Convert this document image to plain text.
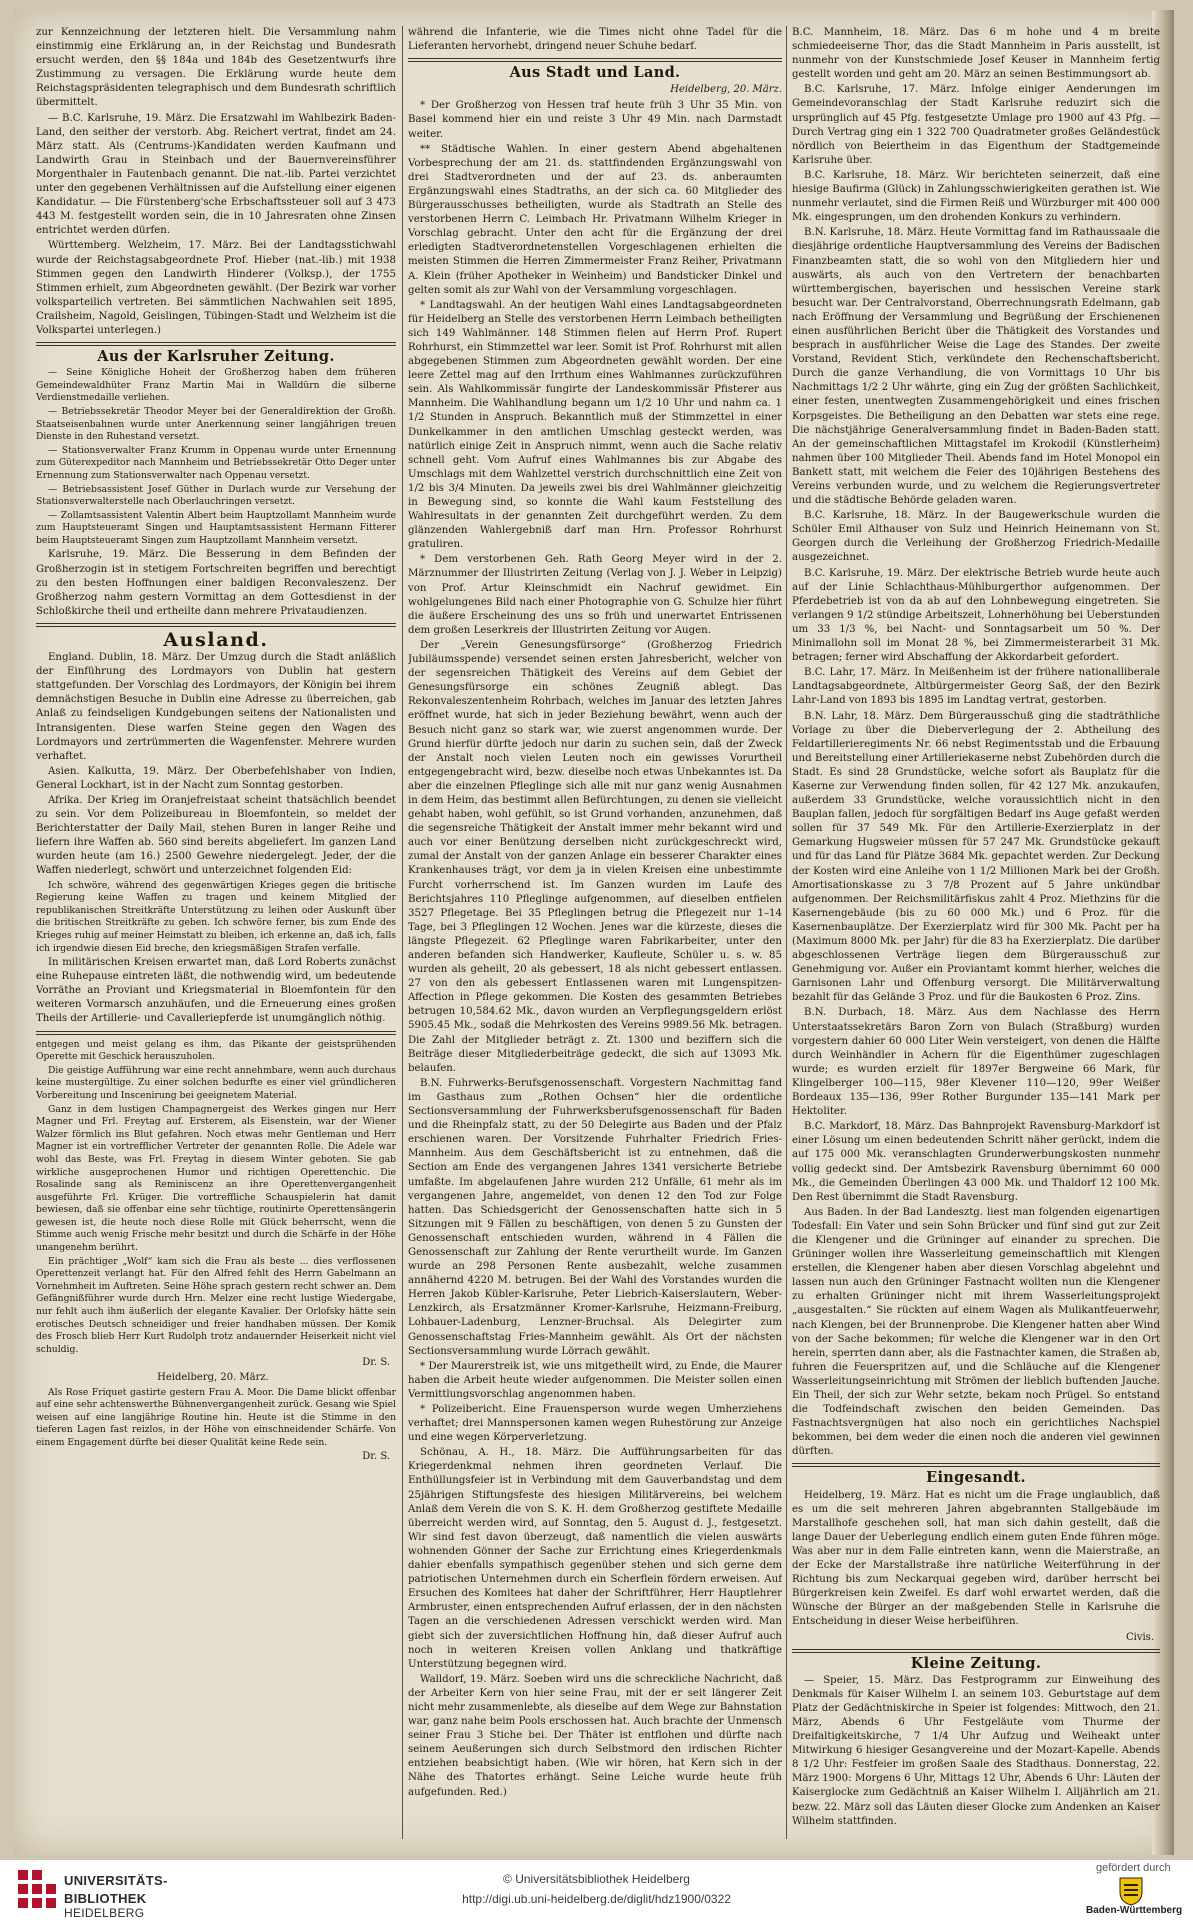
zur Kennzeichnung der letzteren hielt. Die Versammlung nahm einstimmig eine Erklärung an, in der Reichstag und Bundesrath ersucht werden, den §§ 184a und 184b des Gesetzentwurfs ihre Zustimmung zu versagen. Die Erklärung wurde heute dem Reichstagspräsidenten telegraphisch und dem Bundesrath schriftlich übermittelt.

— B.C. Karlsruhe, 19. März. Die Ersatzwahl im Wahlbezirk Baden-Land, den seither der verstorb. Abg. Reichert vertrat, findet am 24. März statt. Als (Centrums-)Kandidaten werden Kaufmann und Landwirth Grau in Steinbach und der Bauernvereinsführer Morgenthaler in Fautenbach genannt. Die nat.-lib. Partei verzichtet unter den gegebenen Verhältnissen auf die Aufstellung einer eigenen Kandidatur. — Die Fürstenberg'sche Erbschaftssteuer soll auf 3 473 443 M. festgestellt worden sein, die in 10 Jahresraten ohne Zinsen entrichtet werden dürfen.

Württemberg. Welzheim, 17. März. Bei der Landtagsstichwahl wurde der Reichstagsabgeordnete Prof. Hieber (nat.-lib.) mit 1938 Stimmen gegen den Landwirth Hinderer (Volksp.), der 1755 Stimmen erhielt, zum Abgeordneten gewählt. (Der Bezirk war vorher volksparteilich vertreten. Bei sämmtlichen Nachwahlen seit 1895, Crailsheim, Nagold, Geislingen, Tübingen-Stadt und Welzheim ist die Volkspartei unterlegen.)

Aus der Karlsruher Zeitung.

— Seine Königliche Hoheit der Großherzog haben dem früheren Gemeindewaldhüter Franz Martin Mai in Walldürn die silberne Verdienstmedaille verliehen.

— Betriebssekretär Theodor Meyer bei der Generaldirektion der Großh. Staatseisenbahnen wurde unter Anerkennung seiner langjährigen treuen Dienste in den Ruhestand versetzt.

— Stationsverwalter Franz Krumm in Oppenau wurde unter Ernennung zum Güterexpeditor nach Mannheim und Betriebssekretär Otto Deger unter Ernennung zum Stationsverwalter nach Oppenau versetzt.

— Betriebsassistent Josef Güther in Durlach wurde zur Versehung der Stationsverwalterstelle nach Oberlauchringen versetzt.

— Zollamtsassistent Valentin Albert beim Hauptzollamt Mannheim wurde zum Hauptsteueramt Singen und Hauptamtsassistent Hermann Fitterer beim Hauptsteueramt Singen zum Hauptzollamt Mannheim versetzt.

Karlsruhe, 19. März. Die Besserung in dem Befinden der Großherzogin ist in stetigem Fortschreiten begriffen und berechtigt zu den besten Hoffnungen einer baldigen Reconvaleszenz. Der Großherzog nahm gestern Vormittag an dem Gottesdienst in der Schloßkirche theil und ertheilte dann mehrere Privataudienzen.

Ausland.

England. Dublin, 18. März. Der Umzug durch die Stadt anläßlich der Einführung des Lordmayors von Dublin hat gestern stattgefunden. Der Vorschlag des Lordmayors, der Königin bei ihrem demnächstigen Besuche in Dublin eine Adresse zu überreichen, gab Anlaß zu feindseligen Kundgebungen seitens der Nationalisten und Intransigenten. Diese warfen Steine gegen den Wagen des Lordmayors und zertrümmerten die Wagenfenster. Mehrere wurden verhaftet.

Asien. Kalkutta, 19. März. Der Oberbefehlshaber von Indien, General Lockhart, ist in der Nacht zum Sonntag gestorben.

Afrika. Der Krieg im Oranjefreistaat scheint thatsächlich beendet zu sein. Vor dem Polizeibureau in Bloemfontein, so meldet der Berichterstatter der Daily Mail, stehen Buren in langer Reihe und liefern ihre Waffen ab. 560 sind bereits abgeliefert. Im ganzen Land wurden heute (am 16.) 2500 Gewehre niedergelegt. Jeder, der die Waffen niederlegt, schwört und unterzeichnet folgenden Eid:

Ich schwöre, während des gegenwärtigen Krieges gegen die britische Regierung keine Waffen zu tragen und keinem Mitglied der republikanischen Streitkräfte Unterstützung zu leihen oder Auskunft über die britischen Streitkräfte zu geben. Ich schwöre ferner, bis zum Ende des Krieges ruhig auf meiner Heimstatt zu bleiben, ich erkenne an, daß ich, falls ich irgendwie diesen Eid breche, den kriegsmäßigen Strafen verfalle.

In militärischen Kreisen erwartet man, daß Lord Roberts zunächst eine Ruhepause eintreten läßt, die nothwendig wird, um bedeutende Vorräthe an Proviant und Kriegsmaterial in Bloemfontein für den weiteren Vormarsch anzuhäufen, und die Erneuerung eines großen Theils der Artillerie- und Cavalleriepferde ist unumgänglich nöthig.

entgegen und meist gelang es ihm, das Pikante der geistsprühenden Operette mit Geschick herauszuholen.

Die geistige Aufführung war eine recht annehmbare, wenn auch durchaus keine mustergültige. Zu einer solchen bedurfte es einer viel gründlicheren Vorbereitung und Inscenirung bei geeignetem Material.

Ganz in dem lustigen Champagnergeist des Werkes gingen nur Herr Magner und Frl. Freytag auf. Ersterem, als Eisenstein, war der Wiener Walzer förmlich ins Blut gefahren. Noch etwas mehr Gentleman und Herr Magner ist ein vortrefflicher Vertreter der genannten Rolle. Die Adele war wohl das Beste, was Frl. Freytag in diesem Winter geboten. Sie gab wirkliche ausgeprochenen Humor und richtigen Operettenchic. Die Rosalinde sang als Reminiscenz an ihre Operettenvergangenheit ausgeführte Frl. Krüger. Die vortreffliche Schauspielerin hat damit bewiesen, daß sie offenbar eine sehr tüchtige, routinirte Operettensängerin gewesen ist, die heute noch diese Rolle mit Glück beherrscht, wenn die Stimme auch wenig Frische mehr besitzt und durch die Schärfe in der Höhe unangenehm berührt.

Ein prächtiger „Wolf“ kam sich die Frau als beste ... dies verflossenen Operettenzeit verlangt hat. Für den Alfred fehlt des Herrn Gabelmann an Vornehmheit im Auftreten. Seine Höhe sprach gestern recht schwer an. Dem Gefängnißführer wurde durch Hrn. Melzer eine recht lustige Wiedergabe, nur fehlt auch ihm äußerlich der elegante Kavalier. Der Orlofsky hätte sein erotisches Deutsch schneidiger und freier handhaben müssen. Der Komik des Frosch blieb Herr Kurt Rudolph trotz andauernder Heiserkeit nicht viel schuldig.

Dr. S.
Heidelberg, 20. März.

Als Rose Friquet gastirte gestern Frau A. Moor. Die Dame blickt offenbar auf eine sehr achtenswerthe Bühnenvergangenheit zurück. Gesang wie Spiel weisen auf eine langjährige Routine hin. Heute ist die Stimme in den tieferen Lagen fast reizlos, in der Höhe von einschneidender Schärfe. Von einem Engagement dürfte bei dieser Qualität keine Rede sein.

Dr. S.

während die Infanterie, wie die Times nicht ohne Tadel für die Lieferanten hervorhebt, dringend neuer Schuhe bedarf.

Aus Stadt und Land.
Heidelberg, 20. März.

* Der Großherzog von Hessen traf heute früh 3 Uhr 35 Min. von Basel kommend hier ein und reiste 3 Uhr 49 Min. nach Darmstadt weiter.

** Städtische Wahlen. In einer gestern Abend abgehaltenen Vorbesprechung der am 21. ds. stattfindenden Ergänzungswahl von drei Stadtverordneten und der auf 23. ds. anberaumten Ergänzungswahl eines Stadtraths, an der sich ca. 60 Mitglieder des Bürgerausschusses betheiligten, wurde als Stadtrath an Stelle des verstorbenen Herrn C. Leimbach Hr. Privatmann Wilhelm Krieger in Vorschlag gebracht. Unter den acht für die Ergänzung der drei erledigten Stadtverordnetenstellen Vorgeschlagenen erhielten die meisten Stimmen die Herren Zimmermeister Franz Reiher, Privatmann A. Klein (früher Apotheker in Weinheim) und Bandsticker Dinkel und gelten somit als zur Wahl von der Versammlung vorgeschlagen.

* Landtagswahl. An der heutigen Wahl eines Landtagsabgeordneten für Heidelberg an Stelle des verstorbenen Herrn Leimbach betheiligten sich 149 Wahlmänner. 148 Stimmen fielen auf Herrn Prof. Rupert Rohrhurst, ein Stimmzettel war leer. Somit ist Prof. Rohrhurst mit allen abgegebenen Stimmen zum Abgeordneten gewählt worden. Der eine leere Zettel mag auf den Irrthum eines Wahlmannes zurückzuführen sein. Als Wahlkommissär fungirte der Landeskommissär Pfisterer aus Mannheim. Die Wahlhandlung begann um 1/2 10 Uhr und nahm ca. 1 1/2 Stunden in Anspruch. Bekanntlich muß der Stimmzettel in einer Dunkelkammer in den amtlichen Umschlag gesteckt werden, was natürlich einige Zeit in Anspruch nimmt, wenn auch die Sache relativ schnell geht. Vom Aufruf eines Wahlmannes bis zur Abgabe des Umschlags mit dem Wahlzettel verstrich durchschnittlich eine Zeit von 1/2 bis 3/4 Minuten. Da jeweils zwei bis drei Wahlmänner gleichzeitig in Bewegung sind, so konnte die Wahl kaum Feststellung des Wahlresultats in der genannten Zeit durchgeführt werden. Zu dem glänzenden Wahlergebniß darf man Hrn. Professor Rohrhurst gratuliren.

* Dem verstorbenen Geh. Rath Georg Meyer wird in der 2. Märznummer der Illustrirten Zeitung (Verlag von J. J. Weber in Leipzig) von Prof. Artur Kleinschmidt ein Nachruf gewidmet. Ein wohlgelungenes Bild nach einer Photographie von G. Schulze hier führt die äußere Erscheinung des uns so früh und unerwartet Entrissenen dem großen Leserkreis der Illustrirten Zeitung vor Augen.

Der „Verein Genesungsfürsorge“ (Großherzog Friedrich Jubiläumsspende) versendet seinen ersten Jahresbericht, welcher von der segensreichen Thätigkeit des Vereins auf dem Gebiet der Genesungsfürsorge ein schönes Zeugniß ablegt. Das Rekonvaleszentenheim Rohrbach, welches im Januar des letzten Jahres eröffnet wurde, hat sich in jeder Beziehung bewährt, wenn auch der Besuch nicht ganz so stark war, wie zuerst angenommen wurde. Der Grund hierfür dürfte jedoch nur darin zu suchen sein, daß der Zweck der Anstalt noch vielen Leuten noch ein gewisses Vorurtheil entgegengebracht wird, bezw. dieselbe noch etwas Unbekanntes ist. Da aber die einzelnen Pfleglinge sich alle mit nur ganz wenig Ausnahmen in dem Heim, das bestimmt allen Befürchtungen, zu denen sie vielleicht gehabt haben, wohl gefühlt, so ist Grund vorhanden, anzunehmen, daß die segensreiche Thätigkeit der Anstalt immer mehr bekannt wird und auch vor einer Benützung derselben nicht zurückgeschreckt wird, zumal der Anstalt von der ganzen Anlage ein besserer Charakter eines Krankenhauses trägt, vor dem ja in vielen Kreisen eine unbestimmte Furcht vorherrschend ist. Im Ganzen wurden im Laufe des Berichtsjahres 110 Pfleglinge aufgenommen, auf dieselben entfielen 3527 Pflegetage. Bei 35 Pfleglingen betrug die Pflegezeit nur 1–14 Tage, bei 3 Pfleglingen 12 Wochen. Jenes war die kürzeste, dieses die längste Pflegezeit. 62 Pfleglinge waren Fabrikarbeiter, unter den anderen befanden sich Handwerker, Kaufleute, Schüler u. s. w. 85 wurden als geheilt, 20 als gebessert, 18 als nicht gebessert entlassen. 27 von den als gebessert Entlassenen waren mit Lungenspitzen-Affection in Pflege gekommen. Die Kosten des gesammten Betriebes betrugen 10,584.62 Mk., davon wurden an Verpflegungsgeldern erlöst 5905.45 Mk., sodaß die Mehrkosten des Vereins 9989.56 Mk. betragen. Die Zahl der Mitglieder beträgt z. Zt. 1300 und beziffern sich die Beiträge dieser Mitgliederbeiträge gedeckt, die sich auf 13093 Mk. belaufen.

B.N. Fuhrwerks-Berufsgenossenschaft. Vorgestern Nachmittag fand im Gasthaus zum „Rothen Ochsen“ hier die ordentliche Sectionsversammlung der Fuhrwerksberufsgenossenschaft für Baden und die Rheinpfalz statt, zu der 50 Delegirte aus Baden und der Pfalz erschienen waren. Der Vorsitzende Fuhrhalter Friedrich Fries-Mannheim. Aus dem Geschäftsbericht ist zu entnehmen, daß die Section am Ende des vergangenen Jahres 1341 versicherte Betriebe umfaßte. Im abgelaufenen Jahre wurden 212 Unfälle, 61 mehr als im vergangenen Jahre, angemeldet, von denen 12 den Tod zur Folge hatten. Das Schiedsgericht der Genossenschaften hatte sich in 5 Sitzungen mit 9 Fällen zu beschäftigen, von denen 5 zu Gunsten der Genossenschaft entschieden wurden, während in 4 Fällen die Genossenschaft zur Zahlung der Rente verurtheilt wurde. Im Ganzen wurde an 298 Personen Rente ausbezahlt, welche zusammen annähernd 4220 M. betrugen. Bei der Wahl des Vorstandes wurden die Herren Jakob Kübler-Karlsruhe, Peter Liebrich-Kaiserslautern, Weber-Lenzkirch, als Ersatzmänner Kromer-Karlsruhe, Heizmann-Freiburg, Lohbauer-Ladenburg, Lenzner-Bruchsal. Als Delegirter zum Genossenschaftstag Fries-Mannheim gewählt. Als Ort der nächsten Sectionsversammlung wurde Lörrach gewählt.

* Der Maurerstreik ist, wie uns mitgetheilt wird, zu Ende, die Maurer haben die Arbeit heute wieder aufgenommen. Die Meister sollen einen Vermittlungsvorschlag angenommen haben.

* Polizeibericht. Eine Frauensperson wurde wegen Umherziehens verhaftet; drei Mannspersonen kamen wegen Ruhestörung zur Anzeige und eine wegen Körperverletzung.

Schönau, A. H., 18. März. Die Aufführungsarbeiten für das Kriegerdenkmal nehmen ihren geordneten Verlauf. Die Enthüllungsfeier ist in Verbindung mit dem Gauverbandstag und dem 25jährigen Stiftungsfeste des hiesigen Militärvereins, bei welchem Anlaß dem Verein die von S. K. H. dem Großherzog gestiftete Medaille überreicht werden wird, auf Sonntag, den 5. August d. J., festgesetzt. Wir sind fest davon überzeugt, daß namentlich die vielen auswärts wohnenden Gönner der Sache zur Errichtung eines Kriegerdenkmals dahier ebenfalls sympathisch gegenüber stehen und sich gerne dem patriotischen Unternehmen durch ein Scherflein fördern erweisen. Auf Ersuchen des Komitees hat daher der Schriftführer, Herr Hauptlehrer Armbruster, einen entsprechenden Aufruf erlassen, der in den nächsten Tagen an die verschiedenen Adressen verschickt werden wird. Man giebt sich der zuversichtlichen Hoffnung hin, daß dieser Aufruf auch noch in weiteren Kreisen vollen Anklang und thatkräftige Unterstützung begegnen wird.

Walldorf, 19. März. Soeben wird uns die schreckliche Nachricht, daß der Arbeiter Kern von hier seine Frau, mit der er seit längerer Zeit nicht mehr zusammenlebte, als dieselbe auf dem Wege zur Bahnstation war, ganz nahe beim Pools erschossen hat. Auch brachte der Unmensch seiner Frau 3 Stiche bei. Der Thäter ist entflohen und dürfte nach seinem Aeußerungen sich durch Selbstmord den irdischen Richter entziehen beabsichtigt haben. (Wie wir hören, hat Kern sich in der Nähe des Thatortes erhängt. Seine Leiche wurde heute früh aufgefunden. Red.)

B.C. Mannheim, 18. März. Das 6 m hohe und 4 m breite schmiedeeiserne Thor, das die Stadt Mannheim in Paris ausstellt, ist nunmehr von der Kunstschmiede Josef Keuser in Mannheim fertig gestellt worden und geht am 20. März an seinen Bestimmungsort ab.

B.C. Karlsruhe, 17. März. Infolge einiger Aenderungen im Gemeindevoranschlag der Stadt Karlsruhe reduzirt sich die ursprünglich auf 45 Pfg. festgesetzte Umlage pro 1900 auf 43 Pfg. — Durch Vertrag ging ein 1 322 700 Quadratmeter großes Geländestück nördlich von Beiertheim in das Eigenthum der Stadtgemeinde Karlsruhe über.

B.C. Karlsruhe, 18. März. Wir berichteten seinerzeit, daß eine hiesige Baufirma (Glück) in Zahlungsschwierigkeiten gerathen ist. Wie nunmehr verlautet, sind die Firmen Reiß und Würzburger mit 400 000 Mk. eingesprungen, um den drohenden Konkurs zu verhindern.

B.N. Karlsruhe, 18. März. Heute Vormittag fand im Rathaussaale die diesjährige ordentliche Hauptversammlung des Vereins der Badischen Finanzbeamten statt, die so wohl von den Mitgliedern hier und auswärts, als auch von den Vertretern der benachbarten württembergischen, bayerischen und hessischen Vereine stark besucht war. Der Centralvorstand, Oberrechnungsrath Edelmann, gab nach Eröffnung der Versammlung und Begrüßung der Erschienenen einen ausführlichen Bericht über die Thätigkeit des Vorstandes und besprach in ausführlicher Weise die Lage des Standes. Der zweite Vorstand, Revident Stich, verkündete den Rechenschaftsbericht. Durch die ganze Verhandlung, die von Vormittags 10 Uhr bis Nachmittags 1/2 2 Uhr währte, ging ein Zug der größten Sachlichkeit, einer festen, unentwegten Zusammengehörigkeit und eines frischen Korpsgeistes. Die Betheiligung an den Debatten war stets eine rege. Die nächstjährige Generalversammlung findet in Baden-Baden statt. An der gemeinschaftlichen Mittagstafel im Krokodil (Künstlerheim) nahmen über 100 Mitglieder Theil. Abends fand im Hotel Monopol ein Bankett statt, mit welchem die Feier des 10jährigen Bestehens des Vereins verbunden wurde, und zu welchem die Regierungsvertreter und die städtische Behörde geladen waren.

B.C. Karlsruhe, 18. März. In der Baugewerkschule wurden die Schüler Emil Althauser von Sulz und Heinrich Heinemann von St. Georgen durch die Verleihung der Großherzog Friedrich-Medaille ausgezeichnet.

B.C. Karlsruhe, 19. März. Der elektrische Betrieb wurde heute auch auf der Linie Schlachthaus-Mühlburgerthor aufgenommen. Der Pferdebetrieb ist von da ab auf den Lohnbewegung eingetreten. Sie verlangen 9 1/2 stündige Arbeitszeit, Lohnerhöhung bei Ueberstunden um 33 1/3 %, bei Nacht- und Sonntagsarbeit um 50 %. Der Minimallohn soll im Monat 28 %, bei Zimmermeisterarbeit 31 Mk. betragen; ferner wird Abschaffung der Akkordarbeit gefordert.

B.C. Lahr, 17. März. In Meißenheim ist der frühere nationalliberale Landtagsabgeordnete, Altbürgermeister Georg Saß, der den Bezirk Lahr-Land von 1893 bis 1895 im Landtag vertrat, gestorben.

B.N. Lahr, 18. März. Dem Bürgerausschuß ging die stadträthliche Vorlage zu über die Dieberverlegung der 2. Abtheilung des Feldartillerieregiments Nr. 66 nebst Regimentsstab und die Erbauung und Bereitstellung einer Artilleriekaserne nebst Zubehörden durch die Stadt. Es sind 28 Grundstücke, welche sofort als Bauplatz für die Kaserne zur Verwendung finden sollen, für 42 127 Mk. anzukaufen, außerdem 33 Grundstücke, welche voraussichtlich nicht in den Bauplan fallen, jedoch für sorgfältigen Bedarf ins Auge gefaßt werden sollen für 37 549 Mk. Für den Artillerie-Exerzierplatz in der Gemarkung Hugsweier müssen für 57 247 Mk. Grundstücke gekauft und für das Land für Plätze 3684 Mk. gepachtet werden. Zur Deckung der Kosten wird eine Anleihe von 1 1/2 Millionen Mark bei der Großh. Amortisationskasse zu 3 7/8 Prozent auf 5 Jahre unkündbar aufgenommen. Der Reichsmilitärfiskus zahlt 4 Proz. Miethzins für die Kasernengebäude (bis zu 60 000 Mk.) und 6 Proz. für die Kasernenbauplätze. Der Exerzierplatz wird für 300 Mk. Pacht per ha (Maximum 8000 Mk. per Jahr) für die 83 ha Exerzierplatz. Die darüber abgeschlossenen Verträge liegen dem Bürgerausschuß zur Genehmigung vor. Außer ein Proviantamt kommt hierher, welches die Garnisonen Lahr und Offenburg versorgt. Die Militärverwaltung bezahlt für das Gelände 3 Proz. und für die Baukosten 6 Proz. Zins.

B.N. Durbach, 18. März. Aus dem Nachlasse des Herrn Unterstaatssekretärs Baron Zorn von Bulach (Straßburg) wurden vorgestern dahier 60 000 Liter Wein versteigert, von denen die Hälfte durch Weinhändler in Achern für die Eigenthümer zugeschlagen wurde; es wurden erzielt für 1897er Bergweine 66 Mark, für Klingelberger 100—115, 98er Klevener 110—120, 99er Weißer Bordeaux 135—136, 99er Rother Burgunder 135—141 Mark per Hektoliter.

B.C. Markdorf, 18. März. Das Bahnprojekt Ravensburg-Markdorf ist einer Lösung um einen bedeutenden Schritt näher gerückt, indem die auf 175 000 Mk. veranschlagten Grunderwerbungskosten nunmehr vollig gedeckt sind. Der Amtsbezirk Ravensburg übernimmt 60 000 Mk., die Gemeinden Überlingen 43 000 Mk. und Thaldorf 12 100 Mk. Den Rest übernimmt die Stadt Ravensburg.

Aus Baden. In der Bad Landesztg. liest man folgenden eigenartigen Todesfall: Ein Vater und sein Sohn Brücker und fünf sind gut zur Zeit die Klengener und die Grüninger auf einander zu sprechen. Die Grüninger wollen ihre Wasserleitung gemeinschaftlich mit Klengen erstellen, die Klengener haben aber diesen Vorschlag abgelehnt und lassen nun auch den Grüninger Fastnacht wollten nun die Klengener zu erhalten Grüninger nicht mit ihrem Wasserleitungsprojekt „ausgestalten.“ Sie rückten auf einem Wagen als Mulikantfeuerwehr, nach Klengen, bei der Brunnenprobe. Die Klengener hatten aber Wind von der Sache bekommen; für welche die Klengener war in den Ort herein, sperrten dann aber, als die Fastnachter kamen, die Straßen ab, fuhren die Feuerspritzen auf, und die Schläuche auf die Klengener Wasserleitungseinrichtung mit Strömen der lieblich buftenden Jauche. Ein Theil, der sich zur Wehr setzte, bekam noch Prügel. So entstand die Todfeindschaft zwischen den beiden Gemeinden. Das Fastnachtsvergnügen hat also noch ein gerichtliches Nachspiel bekommen, bei dem weder die einen noch die anderen viel gewinnen dürften.

Eingesandt.

Heidelberg, 19. März. Hat es nicht um die Frage unglaublich, daß es um die seit mehreren Jahren abgebrannten Stallgebäude im Marstallhofe geschehen soll, hat man sich dahin gestellt, daß die lange Dauer der Ueberlegung endlich einem guten Ende führen möge. Was aber nur in dem Falle eintreten kann, wenn die Maierstraße, an der Ecke der Marstallstraße ihre natürliche Weiterführung in der Richtung bis zum Neckarquai gegeben wird, darüber herrscht bei Bürgerkreisen kein Zweifel. Es darf wohl erwartet werden, daß die Wünsche der Bürger an der maßgebenden Stelle in Karlsruhe die Entscheidung in dieser Weise herbeiführen.

Civis.
Kleine Zeitung.

— Speier, 15. März. Das Festprogramm zur Einweihung des Denkmals für Kaiser Wilhelm I. an seinem 103. Geburtstage auf dem Platz der Gedächtniskirche in Speier ist folgendes: Mittwoch, den 21. März, Abends 6 Uhr Festgeläute vom Thurme der Dreifaltigkeitskirche, 7 1/4 Uhr Aufzug und Weiheakt unter Mitwirkung 6 hiesiger Gesangvereine und der Mozart-Kapelle. Abends 8 1/2 Uhr: Festfeier im großen Saale des Stadthaus. Donnerstag, 22. März 1900: Morgens 6 Uhr, Mittags 12 Uhr, Abends 6 Uhr: Läuten der Kaiserglocke zum Gedächtniß an Kaiser Wilhelm I. Alljährlich am 21. bezw. 22. März soll das Läuten dieser Glocke zum Andenken an Kaiser Wilhelm stattfinden.

UNIVERSITÄTS-
BIBLIOTHEK
HEIDELBERG
© Universitätsbibliothek Heidelberg
http://digi.ub.uni-heidelberg.de/diglit/hdz1900/0322
gefördert durch
Baden-Württemberg
